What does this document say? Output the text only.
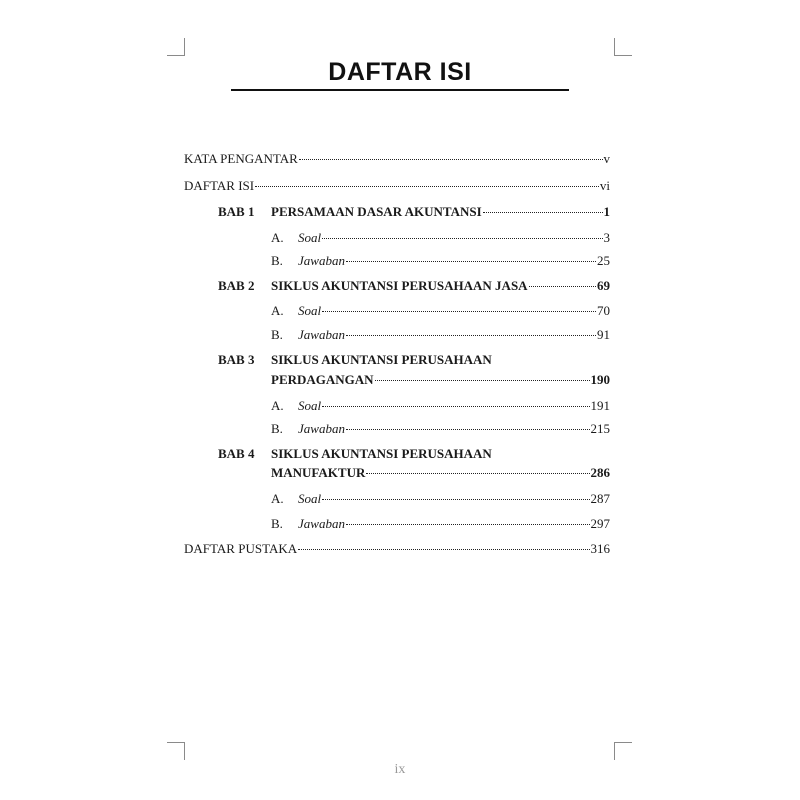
DAFTAR ISI
KATA PENGANTAR	v
DAFTAR ISI	vi
BAB 1 PERSAMAAN DASAR AKUNTANSI	1
A.	Soal	3
B.	Jawaban	25
BAB 2 SIKLUS AKUNTANSI PERUSAHAAN JASA	69
A.	Soal	70
B.	Jawaban	91
BAB 3 SIKLUS AKUNTANSI PERUSAHAAN
PERDAGANGAN	190
A.	Soal	191
B.	Jawaban	215
BAB 4 SIKLUS AKUNTANSI PERUSAHAAN
MANUFAKTUR	286
A.	Soal	287
B.	Jawaban	297
DAFTAR PUSTAKA	316
ix
